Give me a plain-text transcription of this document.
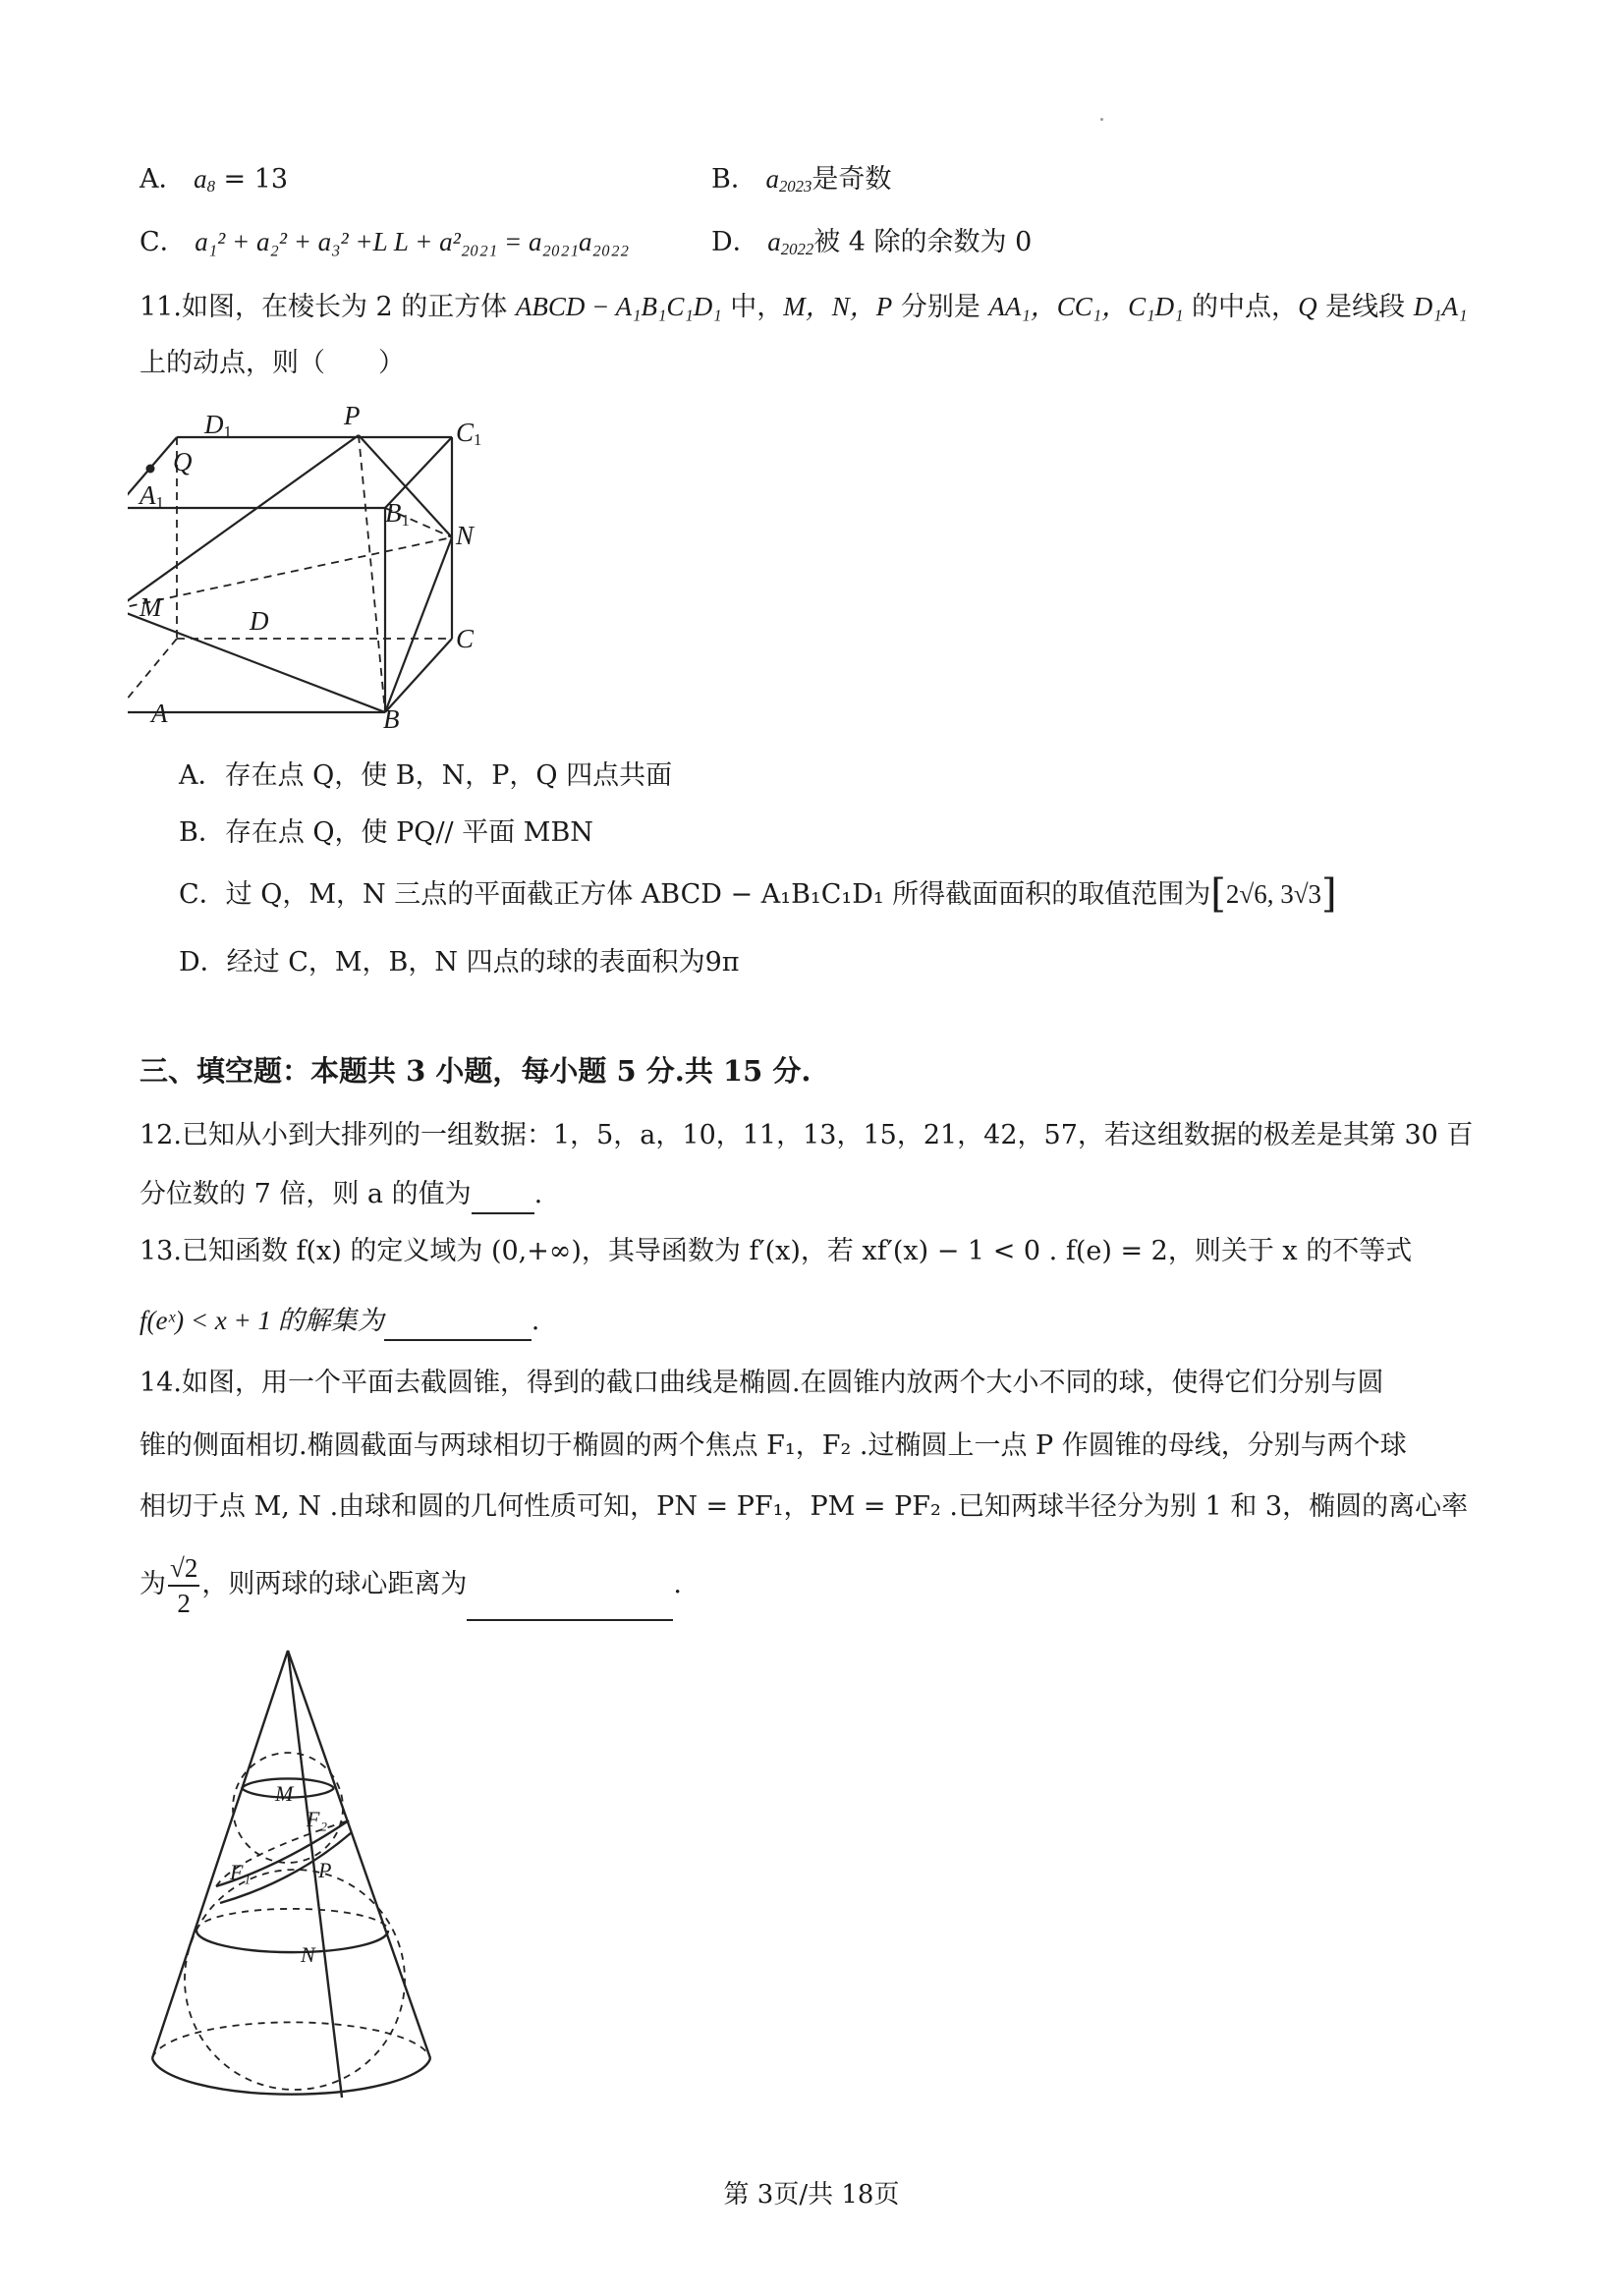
A． $a_8 = 13$	B． $a_{2023}$是奇数
C． a₁² + a₂² + a₃² +L L + a²₂₀₂₁ = a₂₀₂₁a₂₀₂₂	D． $a_{2022}$被 4 除的余数为 0
11.如图，在棱长为 2 的正方体 ABCD − A₁B₁C₁D₁ 中，M，N，P 分别是 AA₁，CC₁，C₁D₁ 的中点，Q 是线段 D₁A₁
上的动点，则（　　）
$D_1$
P
$C_1$
Q
$A_1$	$B_1$
N
M	D
C
A	B
A．存在点 Q，使 B，N，P，Q 四点共面
B．存在点 Q，使 PQ// 平面 MBN
C．过 Q，M，N 三点的平面截正方体 ABCD − A₁B₁C₁D₁ 所得截面面积的取值范围为[2√6, 3√3]
D．经过 C，M，B，N 四点的球的表面积为9π
三、填空题：本题共 3 小题，每小题 5 分.共 15 分.
12.已知从小到大排列的一组数据：1，5，a，10，11，13，15，21，42，57，若这组数据的极差是其第 30 百
分位数的 7 倍，则 a 的值为 .
13.已知函数 f(x) 的定义域为 (0,+∞)，其导函数为 f′(x)，若 xf′(x) − 1 < 0 . f(e) = 2，则关于 x 的不等式
f(eˣ) < x + 1 的解集为	.
14.如图，用一个平面去截圆锥，得到的截口曲线是椭圆.在圆锥内放两个大小不同的球，使得它们分别与圆
锥的侧面相切.椭圆截面与两球相切于椭圆的两个焦点 F₁，F₂ .过椭圆上一点 P 作圆锥的母线，分别与两个球
相切于点 M, N .由球和圆的几何性质可知，PN = PF₁，PM = PF₂ .已知两球半径分为别 1 和 3，椭圆的离心率
为 $\frac{√2}{2}$ ，则两球的球心距离为	.
M
F₂
F₁	P
N
第 3页/共 18页
